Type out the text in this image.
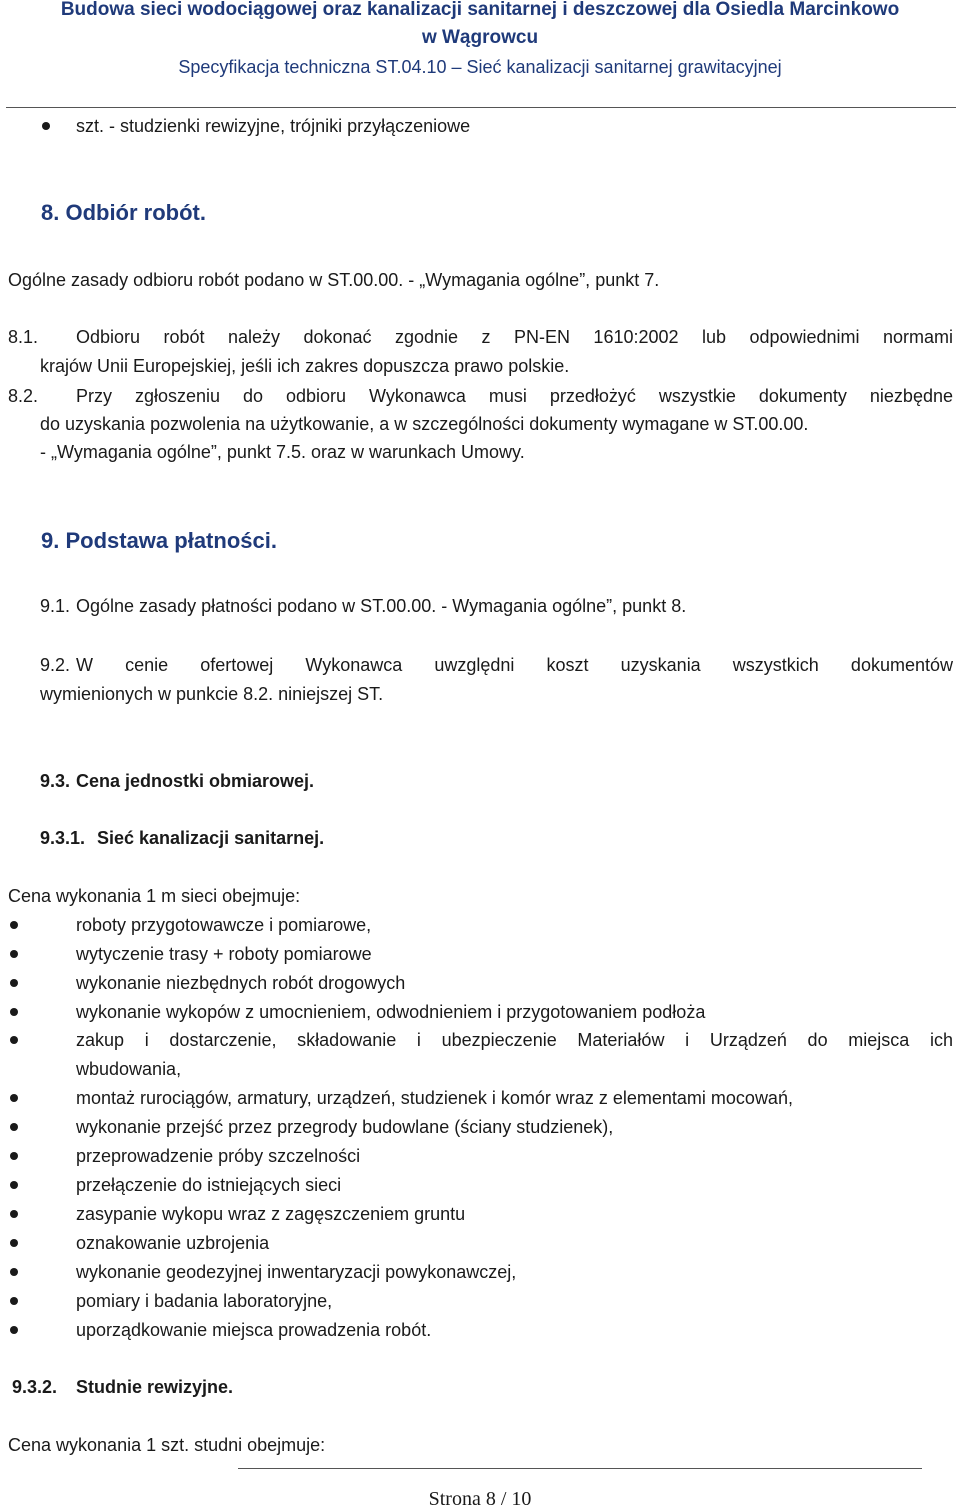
Budowa sieci wodociągowej oraz kanalizacji sanitarnej i deszczowej dla Osiedla Marcinkowo
w Wągrowcu
Specyfikacja techniczna ST.04.10 – Sieć kanalizacji sanitarnej grawitacyjnej
szt. - studzienki rewizyjne, trójniki przyłączeniowe
8. Odbiór robót.
Ogólne zasady odbioru robót podano w ST.00.00. - „Wymagania ogólne”, punkt 7.
8.1. Odbioru robót należy dokonać zgodnie z PN-EN 1610:2002 lub odpowiednimi normami
krajów Unii Europejskiej, jeśli ich zakres dopuszcza prawo polskie.
8.2. Przy zgłoszeniu do odbioru Wykonawca musi przedłożyć wszystkie dokumenty niezbędne
do uzyskania pozwolenia na użytkowanie, a w szczególności dokumenty wymagane w ST.00.00.
- „Wymagania ogólne”, punkt 7.5. oraz w warunkach Umowy.
9. Podstawa płatności.
9.1. Ogólne zasady płatności podano w ST.00.00. - Wymagania ogólne”, punkt 8.
9.2. W cenie ofertowej Wykonawca uwzględni koszt uzyskania wszystkich dokumentów
wymienionych w punkcie 8.2. niniejszej ST.
9.3. Cena jednostki obmiarowej.
9.3.1. Sieć kanalizacji sanitarnej.
Cena wykonania 1 m sieci obejmuje:
roboty przygotowawcze i pomiarowe,
wytyczenie trasy + roboty pomiarowe
wykonanie niezbędnych robót drogowych
wykonanie wykopów z umocnieniem, odwodnieniem i przygotowaniem podłoża
zakup i dostarczenie, składowanie i ubezpieczenie Materiałów i Urządzeń do miejsca ich
wbudowania,
montaż rurociągów, armatury, urządzeń, studzienek i komór wraz z elementami mocowań,
wykonanie przejść przez przegrody budowlane (ściany studzienek),
przeprowadzenie próby szczelności
przełączenie do istniejących sieci
zasypanie wykopu wraz z zagęszczeniem gruntu
oznakowanie uzbrojenia
wykonanie geodezyjnej inwentaryzacji powykonawczej,
pomiary i badania laboratoryjne,
uporządkowanie miejsca prowadzenia robót.
9.3.2. Studnie rewizyjne.
Cena wykonania 1 szt. studni obejmuje:
Strona 8 / 10
